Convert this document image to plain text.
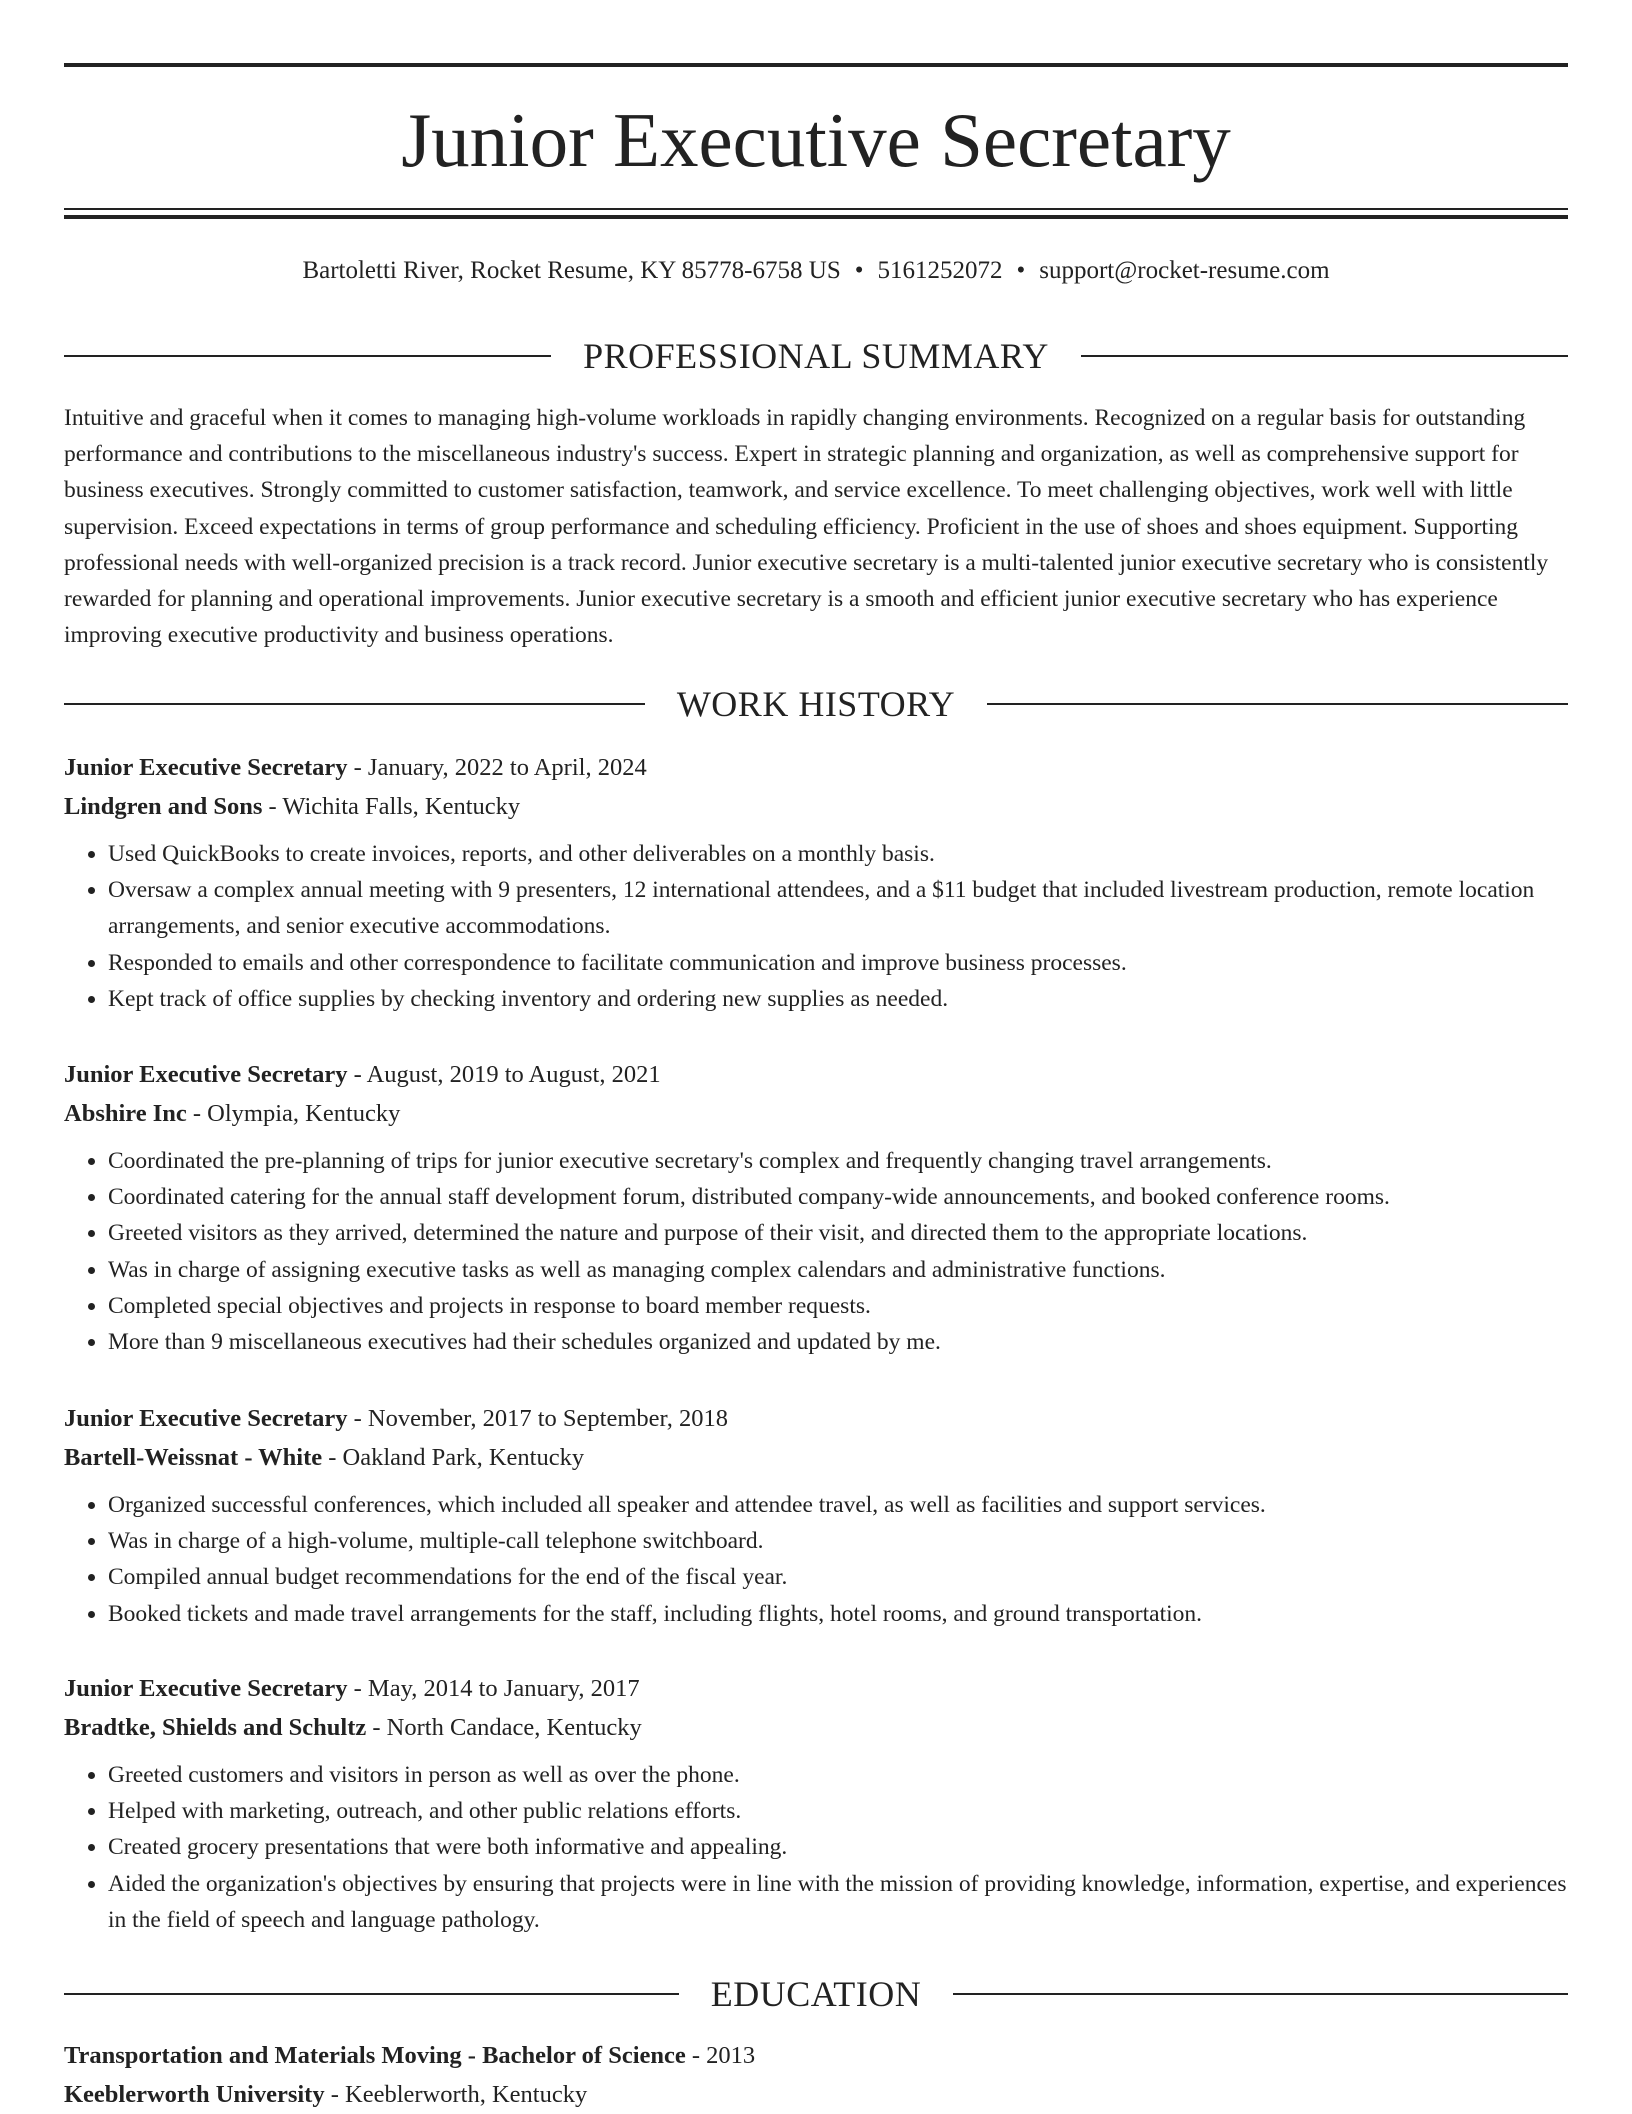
Junior Executive Secretary
Bartoletti River, Rocket Resume, KY 85778-6758 US • 5161252072 • support@rocket-resume.com
PROFESSIONAL SUMMARY

Intuitive and graceful when it comes to managing high-volume workloads in rapidly changing environments. Recognized on a regular basis for outstanding performance and contributions to the miscellaneous industry's success. Expert in strategic planning and organization, as well as comprehensive support for business executives. Strongly committed to customer satisfaction, teamwork, and service excellence. To meet challenging objectives, work well with little supervision. Exceed expectations in terms of group performance and scheduling efficiency. Proficient in the use of shoes and shoes equipment. Supporting professional needs with well-organized precision is a track record. Junior executive secretary is a multi-talented junior executive secretary who is consistently rewarded for planning and operational improvements. Junior executive secretary is a smooth and efficient junior executive secretary who has experience improving executive productivity and business operations.

WORK HISTORY
Junior Executive Secretary - January, 2022 to April, 2024
Lindgren and Sons - Wichita Falls, Kentucky
• Used QuickBooks to create invoices, reports, and other deliverables on a monthly basis.
• Oversaw a complex annual meeting with 9 presenters, 12 international attendees, and a $11 budget that included livestream production, remote location arrangements, and senior executive accommodations.
• Responded to emails and other correspondence to facilitate communication and improve business processes.
• Kept track of office supplies by checking inventory and ordering new supplies as needed.
Junior Executive Secretary - August, 2019 to August, 2021
Abshire Inc - Olympia, Kentucky
• Coordinated the pre-planning of trips for junior executive secretary's complex and frequently changing travel arrangements.
• Coordinated catering for the annual staff development forum, distributed company-wide announcements, and booked conference rooms.
• Greeted visitors as they arrived, determined the nature and purpose of their visit, and directed them to the appropriate locations.
• Was in charge of assigning executive tasks as well as managing complex calendars and administrative functions.
• Completed special objectives and projects in response to board member requests.
• More than 9 miscellaneous executives had their schedules organized and updated by me.
Junior Executive Secretary - November, 2017 to September, 2018
Bartell-Weissnat - White - Oakland Park, Kentucky
• Organized successful conferences, which included all speaker and attendee travel, as well as facilities and support services.
• Was in charge of a high-volume, multiple-call telephone switchboard.
• Compiled annual budget recommendations for the end of the fiscal year.
• Booked tickets and made travel arrangements for the staff, including flights, hotel rooms, and ground transportation.
Junior Executive Secretary - May, 2014 to January, 2017
Bradtke, Shields and Schultz - North Candace, Kentucky
• Greeted customers and visitors in person as well as over the phone.
• Helped with marketing, outreach, and other public relations efforts.
• Created grocery presentations that were both informative and appealing.
• Aided the organization's objectives by ensuring that projects were in line with the mission of providing knowledge, information, expertise, and experiences in the field of speech and language pathology.
EDUCATION
Transportation and Materials Moving - Bachelor of Science - 2013
Keeblerworth University - Keeblerworth, Kentucky
